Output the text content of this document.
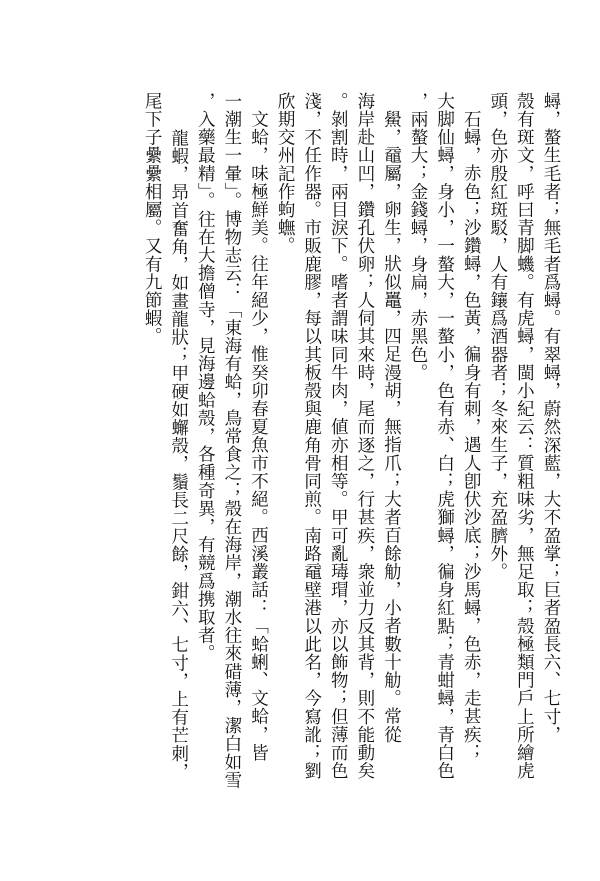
蟳，螯生毛者；無毛者爲蟳。有翠蟳，蔚然深藍，大不盈掌；巨者盈長六、七寸，
殼有斑文，呼曰青脚蟣。有虎蟳，閩小紀云：質粗味劣，無足取；殼極類門戶上所繪虎
頭，色亦殷紅斑駁，人有鑲爲酒器者；冬來生子，充盈臍外。
石蟳，赤色；沙鑽蟳，色黃，徧身有刺，遇人卽伏沙底；沙馬蟳，色赤，走甚疾；
大脚仙蟳，身小，一螯大，一螯小，色有赤、白；虎獅蟳，徧身紅點；青蚶蟳，青白色
，兩螯大；金錢蟳，身扁，赤黑色。
鱟，黿屬，卵生，狀似鼉，四足漫胡，無指爪；大者百餘觔，小者數十觔。常從
海岸赴山凹，鑽孔伏卵；人伺其來時，尾而逐之，行甚疾，衆並力反其背，則不能動矣
。剝割時，兩目淚下。嗜者謂味同牛肉，値亦相等。甲可亂瑇瑁，亦以飾物；但薄而色
淺，不任作器。市販鹿膠，每以其板殼與鹿角骨同煎。南路黿壁港以此名，今寫訛；劉
欣期交州記作蚼蟱。
文蛤，味極鮮美。往年絕少，惟癸卯春夏魚市不絕。西溪叢話：「蛤蜊、文蛤，皆
一潮生一暈」。博物志云：「東海有蛤，鳥常食之；殼在海岸，潮水往來碏薄，潔白如雪
，入藥最精」。往在大擔僧寺，見海邊蛤殼，各種奇異，有競爲携取者。
龍蝦，昻首奮角，如畫龍狀；甲硬如蠏殼，鬚長二尺餘，鉗六、七寸，上有芒刺，
尾下子纍纍相屬。又有九節蝦。
